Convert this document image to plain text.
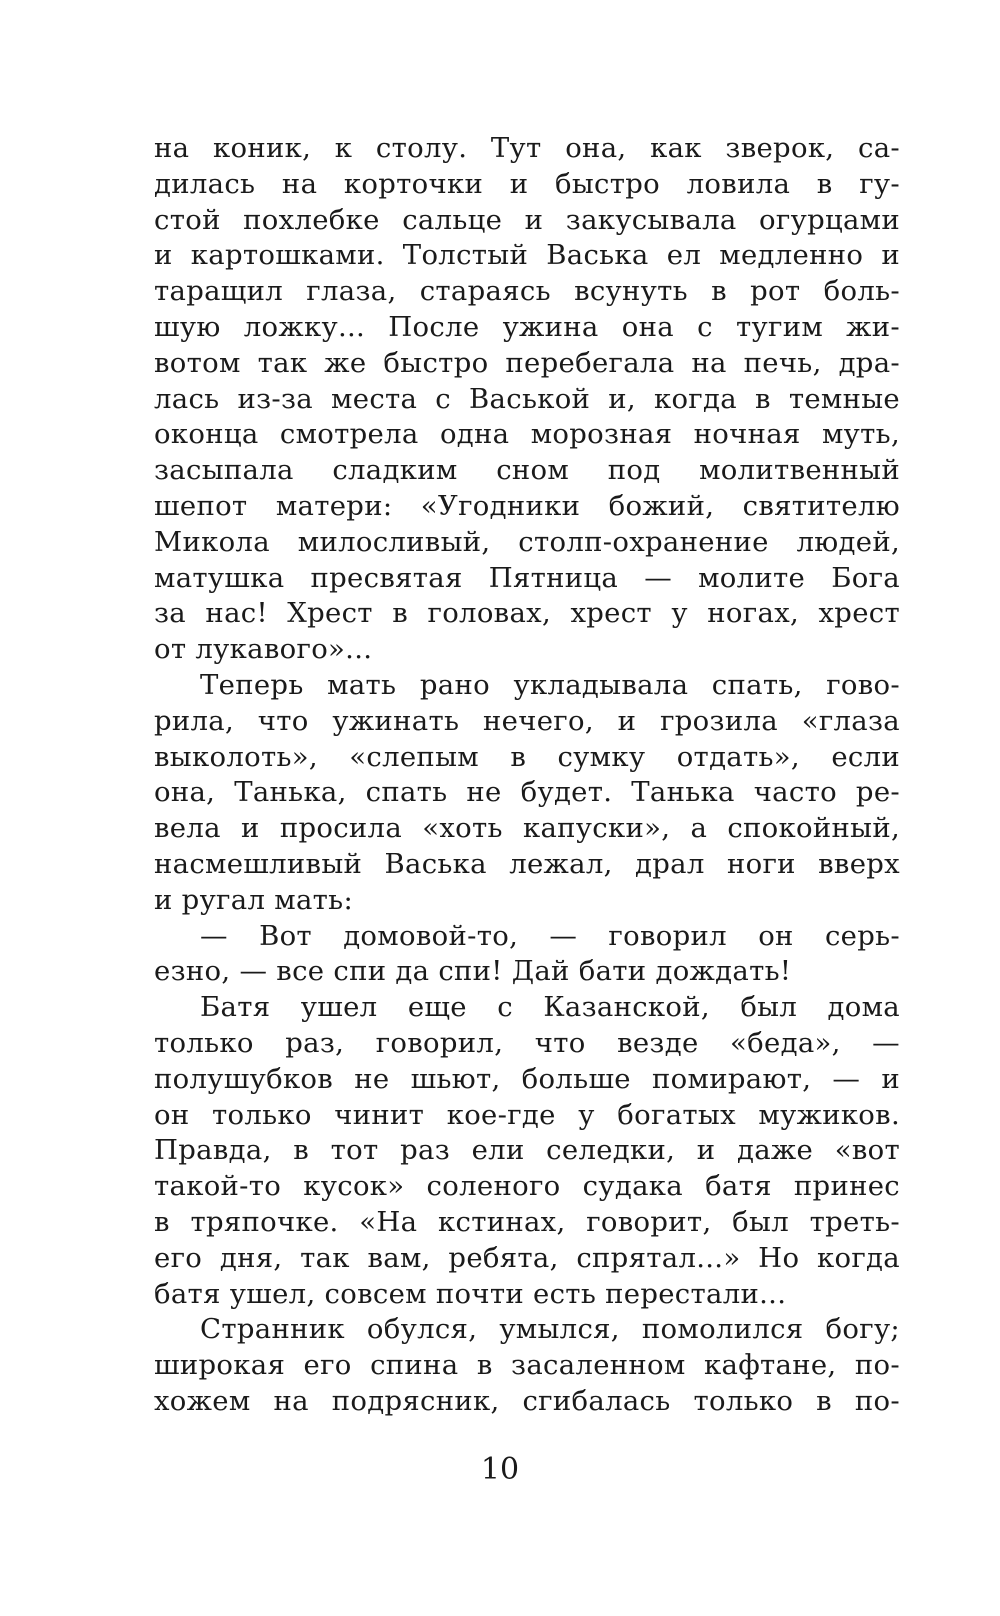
на коник, к столу. Тут она, как зверок, са-
дилась на корточки и быстро ловила в гу-
стой похлебке сальце и закусывала огурцами
и картошками. Толстый Васька ел медленно и
таращил глаза, стараясь всунуть в рот боль-
шую ложку... После ужина она с тугим жи-
вотом так же быстро перебегала на печь, дра-
лась из-за места с Васькой и, когда в темные
оконца смотрела одна морозная ночная муть,
засыпала сладким сном под молитвенный
шепот матери: «Угодники божий, святителю
Микола милосливый, столп-охранение людей,
матушка пресвятая Пятница — молите Бога
за нас! Хрест в головах, хрест у ногах, хрест
от лукавого»...
Теперь мать рано укладывала спать, гово-
рила, что ужинать нечего, и грозила «глаза
выколоть», «слепым в сумку отдать», если
она, Танька, спать не будет. Танька часто ре-
вела и просила «хоть капуски», а спокойный,
насмешливый Васька лежал, драл ноги вверх
и ругал мать:
— Вот домовой-то, — говорил он серь-
езно, — все спи да спи! Дай бати дождать!
Батя ушел еще с Казанской, был дома
только раз, говорил, что везде «беда», —
полушубков не шьют, больше помирают, — и
он только чинит кое-где у богатых мужиков.
Правда, в тот раз ели селедки, и даже «вот
такой-то кусок» соленого судака батя принес
в тряпочке. «На кстинах, говорит, был треть-
его дня, так вам, ребята, спрятал...» Но когда
батя ушел, совсем почти есть перестали...
Странник обулся, умылся, помолился богу;
широкая его спина в засаленном кафтане, по-
хожем на подрясник, сгибалась только в по-
10
